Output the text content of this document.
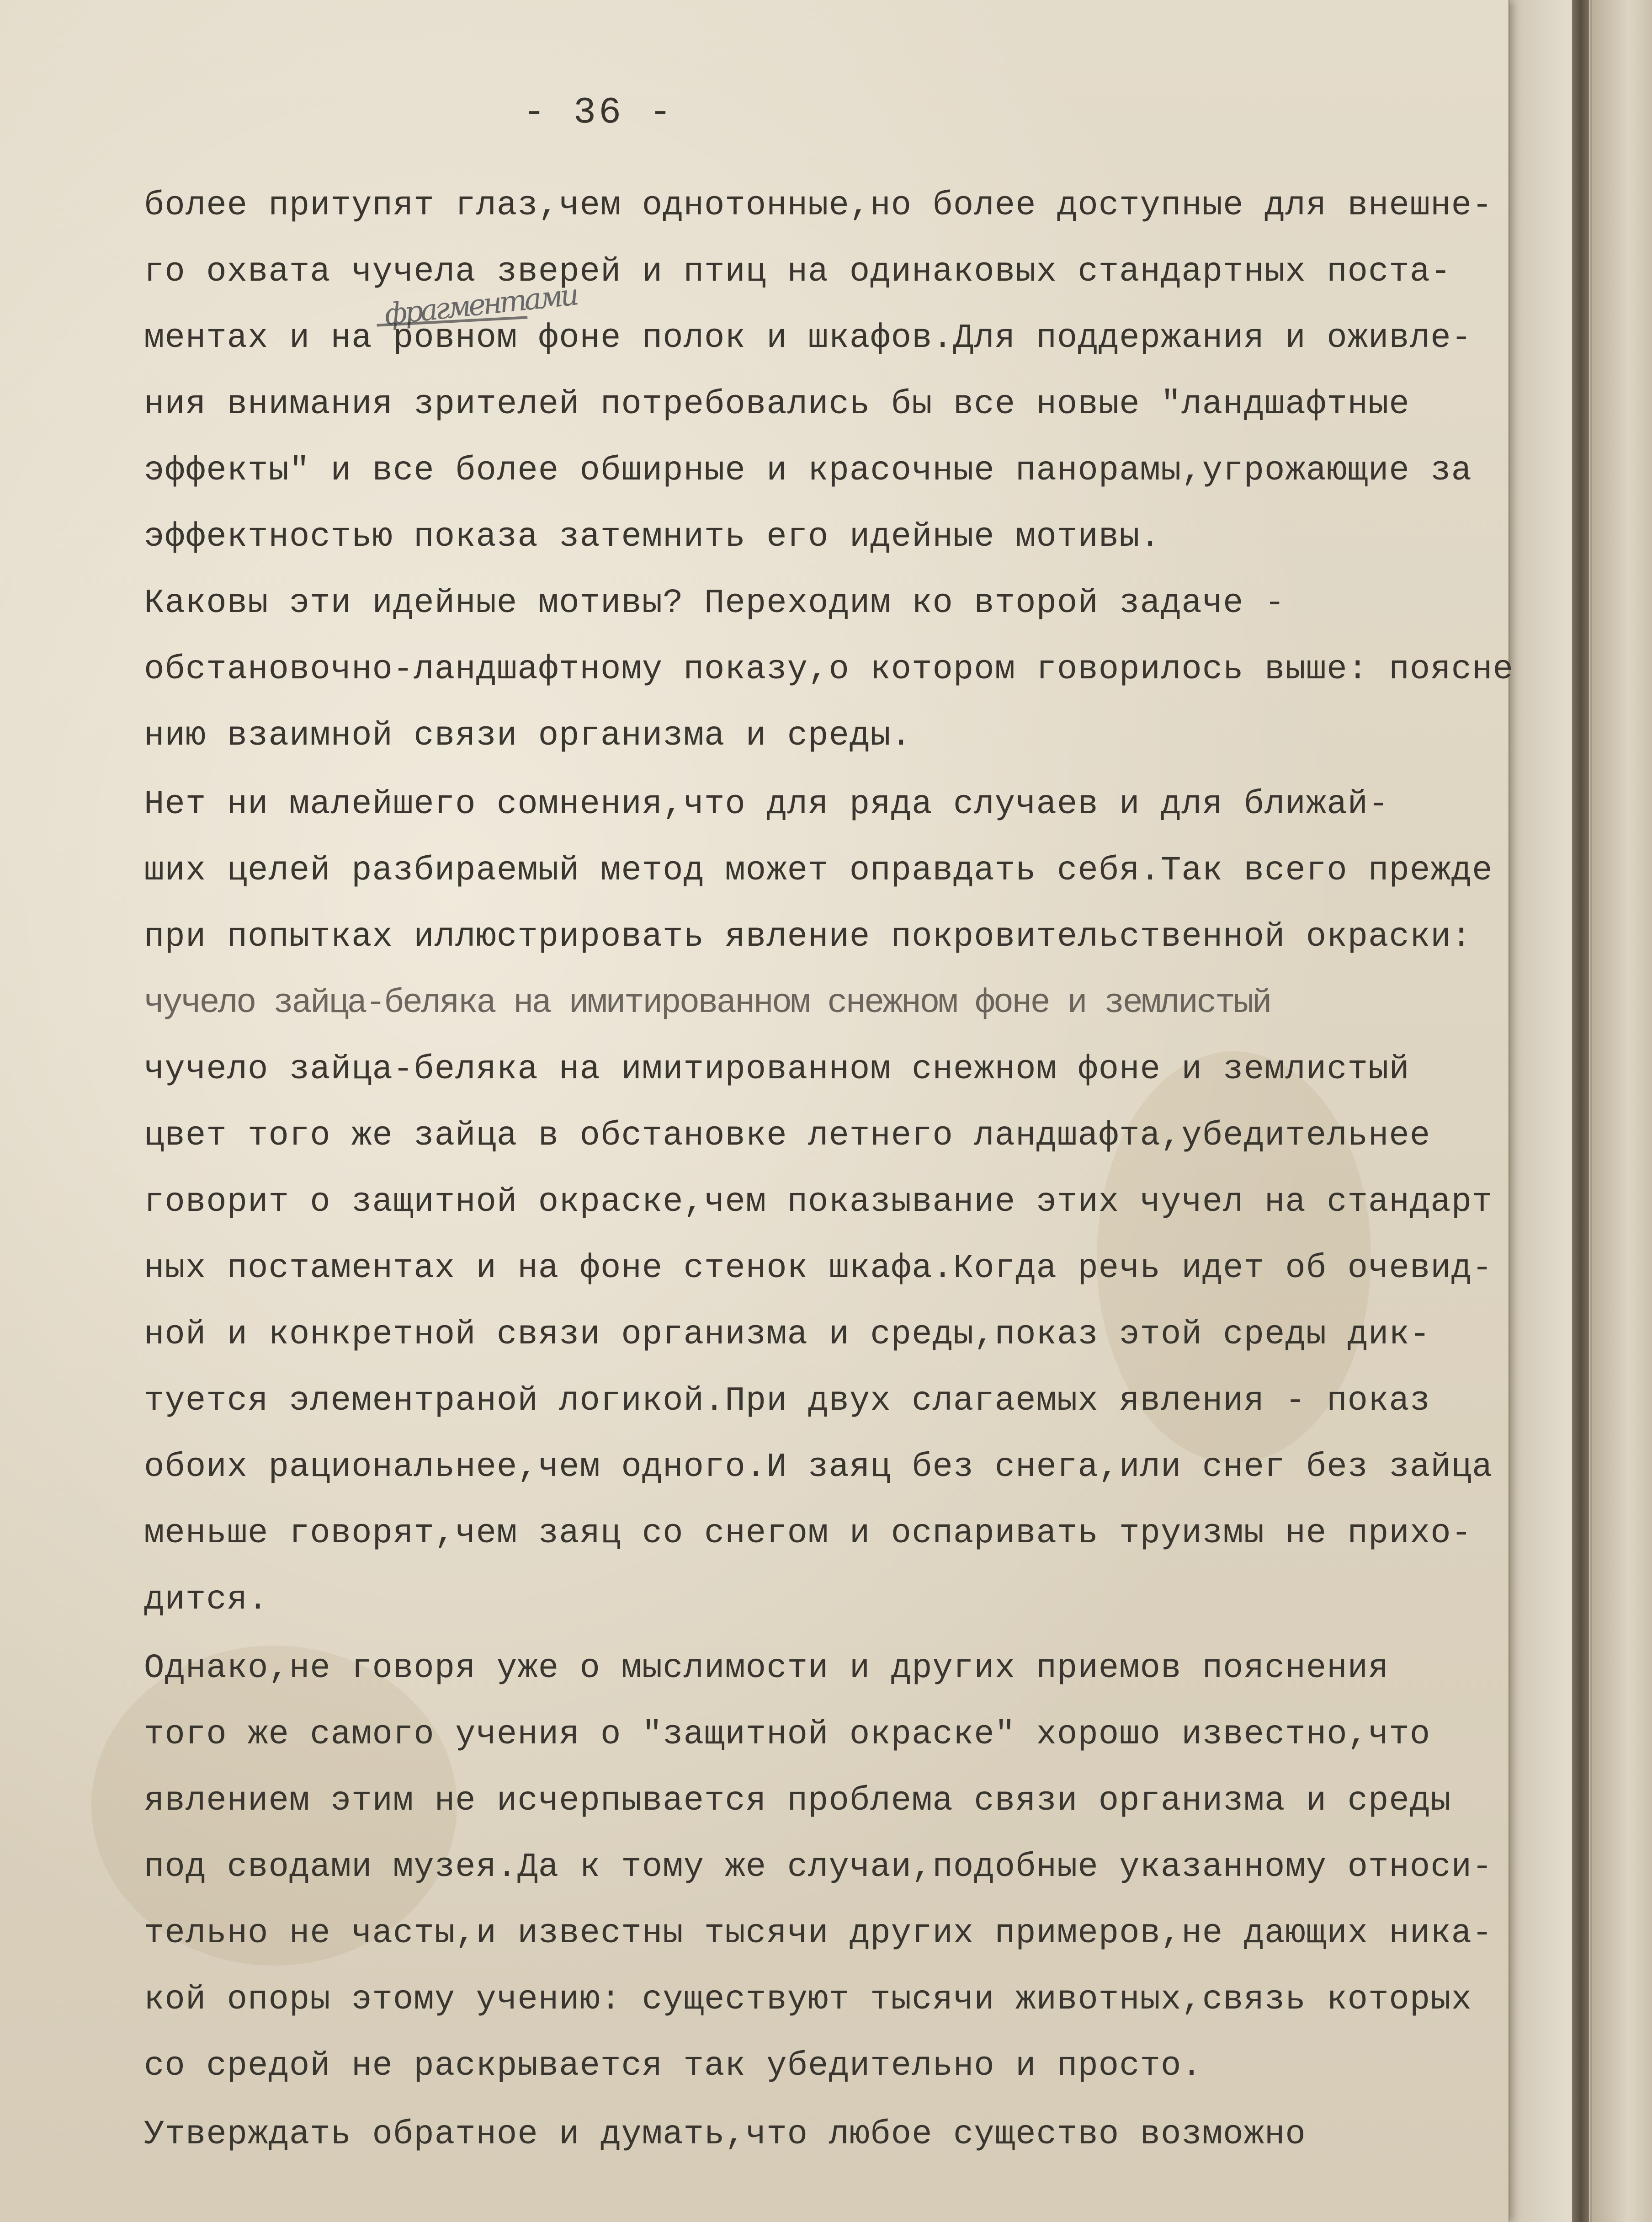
- 36 -
фрагментами
более притупят глаз,чем однотонные,но более доступные для внешне-
го охвата чучела зверей и птиц на одинаковых стандартных поста-
ментах и на ровном фоне полок и шкафов.Для поддержания и оживле-
ния внимания зрителей потребовались бы все новые "ландшафтные
эффекты" и все более обширные и красочные панорамы,угрожающие за
эффектностью показа затемнить его идейные мотивы.
Каковы эти идейные мотивы? Переходим ко второй задаче -
обстановочно-ландшафтному показу,о котором говорилось выше: поясне
нию взаимной связи организма и среды.
Нет ни малейшего сомнения,что для ряда случаев и для ближай-
ших целей разбираемый метод может оправдать себя.Так всего прежде
при попытках иллюстрировать явление покровительственной окраски:
чучело зайца-беляка на имитированном снежном фоне и землистый
чучело зайца-беляка на имитированном снежном фоне и землистый
цвет того же зайца в обстановке летнего ландшафта,убедительнее
говорит о защитной окраске,чем показывание этих чучел на стандарт
ных постаментах и на фоне стенок шкафа.Когда речь идет об очевид-
ной и конкретной связи организма и среды,показ этой среды дик-
туется элементраной логикой.При двух слагаемых явления - показ
обоих рациональнее,чем одного.И заяц без снега,или снег без зайца
меньше говорят,чем заяц со снегом и оспаривать труизмы не прихо-
дится.
Однако,не говоря уже о мыслимости и других приемов пояснения
того же самого учения о "защитной окраске" хорошо известно,что
явлением этим не исчерпывается проблема связи организма и среды
под сводами музея.Да к тому же случаи,подобные указанному относи-
тельно не часты,и известны тысячи других примеров,не дающих ника-
кой опоры этому учению: существуют тысячи животных,связь которых
со средой не раскрывается так убедительно и просто.
Утверждать обратное и думать,что любое существо возможно
